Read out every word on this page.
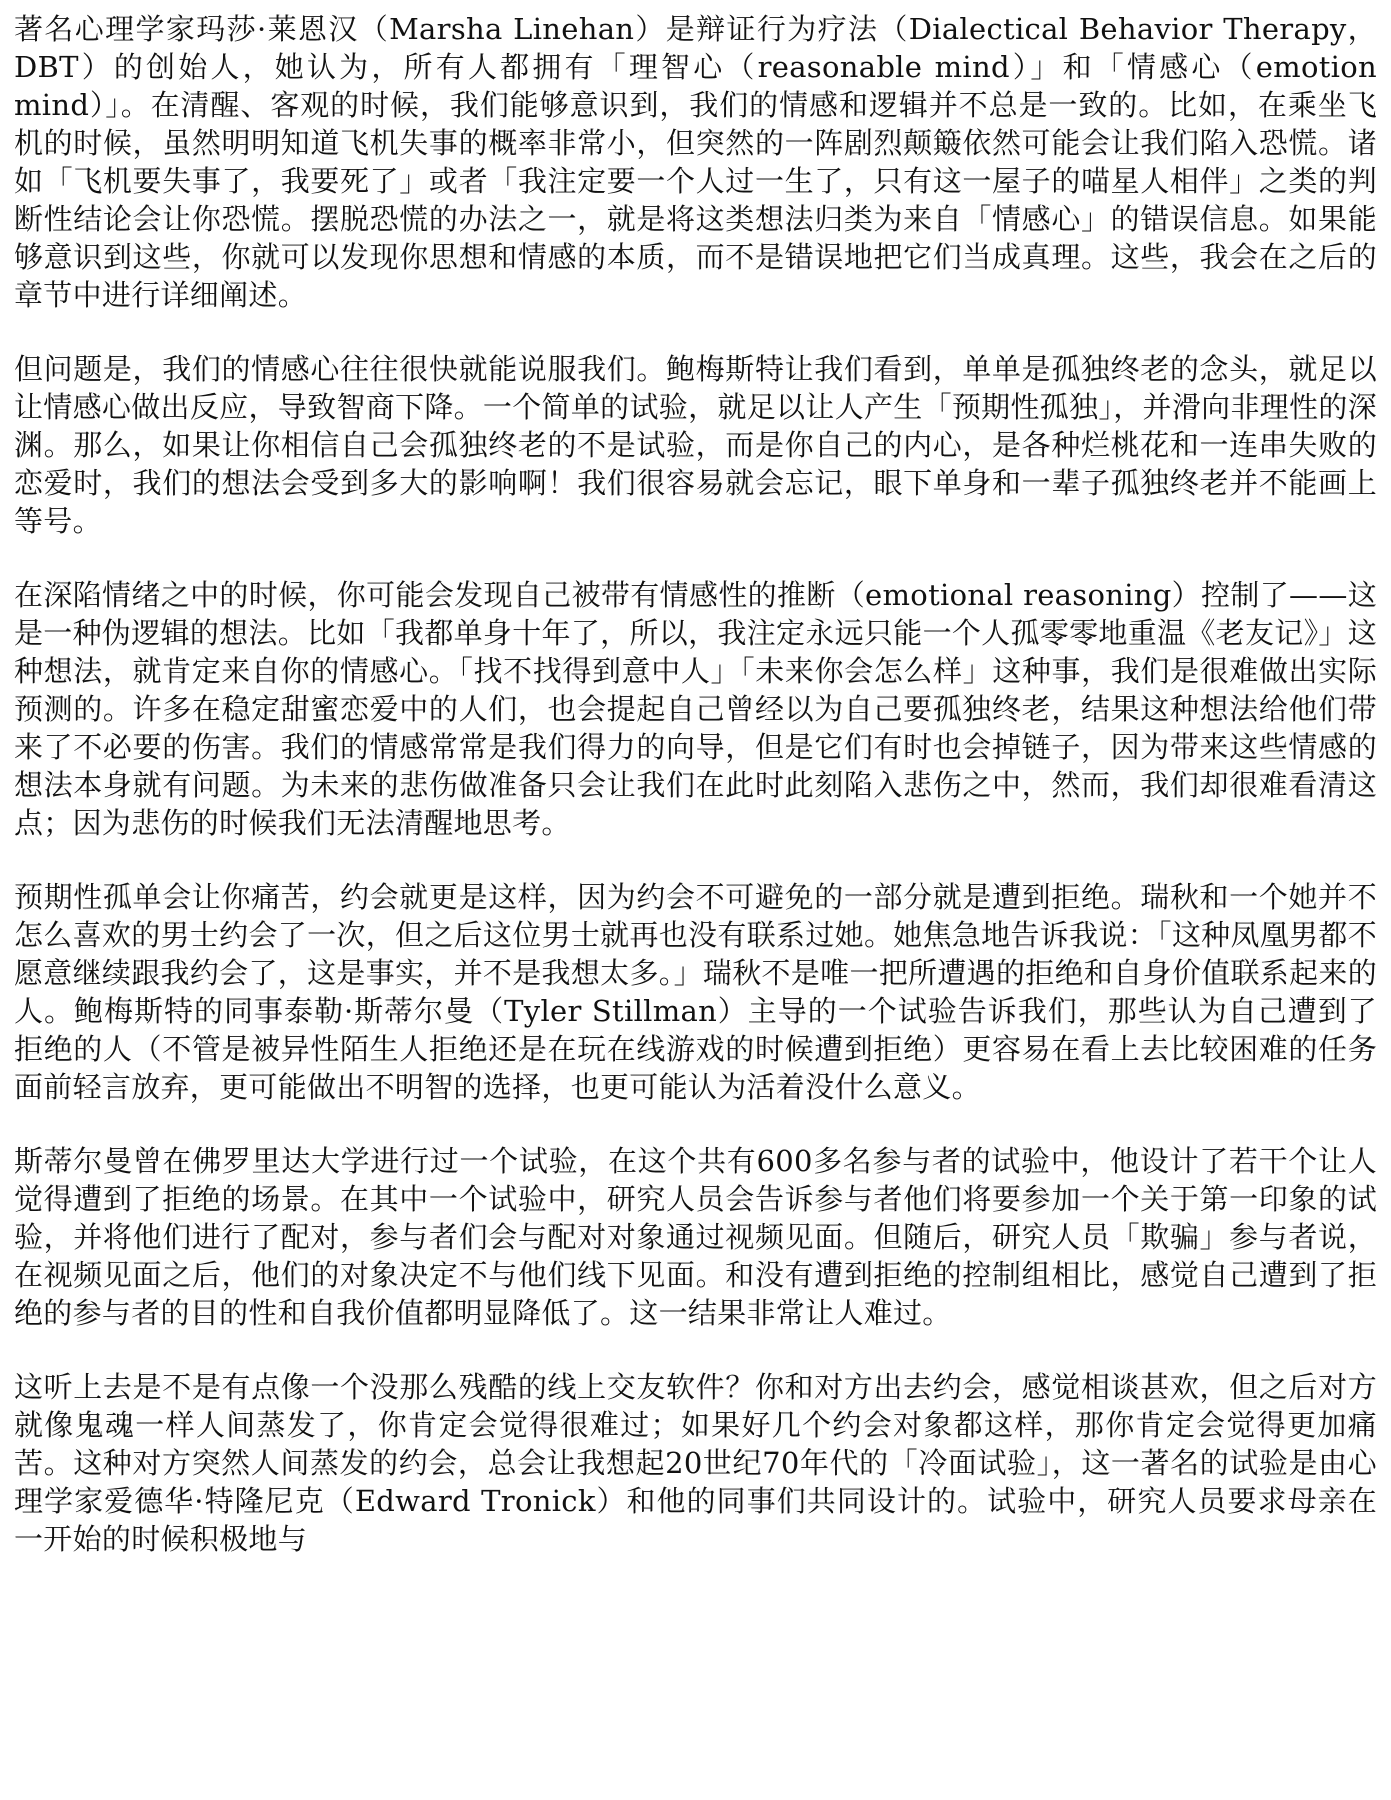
著名心理学家玛莎·莱恩汉（Marsha Linehan）是辩证行为疗法（Dialectical Behavior Therapy，DBT）的创始人，她认为，所有人都拥有「理智心（reasonable mind）」和「情感心（emotion mind）」。在清醒、客观的时候，我们能够意识到，我们的情感和逻辑并不总是一致的。比如，在乘坐飞机的时候，虽然明明知道飞机失事的概率非常小，但突然的一阵剧烈颠簸依然可能会让我们陷入恐慌。诸如「飞机要失事了，我要死了」或者「我注定要一个人过一生了，只有这一屋子的喵星人相伴」之类的判断性结论会让你恐慌。摆脱恐慌的办法之一，就是将这类想法归类为来自「情感心」的错误信息。如果能够意识到这些，你就可以发现你思想和情感的本质，而不是错误地把它们当成真理。这些，我会在之后的章节中进行详细阐述。

但问题是，我们的情感心往往很快就能说服我们。鲍梅斯特让我们看到，单单是孤独终老的念头，就足以让情感心做出反应，导致智商下降。一个简单的试验，就足以让人产生「预期性孤独」，并滑向非理性的深渊。那么，如果让你相信自己会孤独终老的不是试验，而是你自己的内心，是各种烂桃花和一连串失败的恋爱时，我们的想法会受到多大的影响啊！我们很容易就会忘记，眼下单身和一辈子孤独终老并不能画上等号。

在深陷情绪之中的时候，你可能会发现自己被带有情感性的推断（emotional reasoning）控制了——这是一种伪逻辑的想法。比如「我都单身十年了，所以，我注定永远只能一个人孤零零地重温《老友记》」这种想法，就肯定来自你的情感心。「找不找得到意中人」「未来你会怎么样」这种事，我们是很难做出实际预测的。许多在稳定甜蜜恋爱中的人们，也会提起自己曾经以为自己要孤独终老，结果这种想法给他们带来了不必要的伤害。我们的情感常常是我们得力的向导，但是它们有时也会掉链子，因为带来这些情感的想法本身就有问题。为未来的悲伤做准备只会让我们在此时此刻陷入悲伤之中，然而，我们却很难看清这点；因为悲伤的时候我们无法清醒地思考。

预期性孤单会让你痛苦，约会就更是这样，因为约会不可避免的一部分就是遭到拒绝。瑞秋和一个她并不怎么喜欢的男士约会了一次，但之后这位男士就再也没有联系过她。她焦急地告诉我说：「这种凤凰男都不愿意继续跟我约会了，这是事实，并不是我想太多。」瑞秋不是唯一把所遭遇的拒绝和自身价值联系起来的人。鲍梅斯特的同事泰勒·斯蒂尔曼（Tyler Stillman）主导的一个试验告诉我们，那些认为自己遭到了拒绝的人（不管是被异性陌生人拒绝还是在玩在线游戏的时候遭到拒绝）更容易在看上去比较困难的任务面前轻言放弃，更可能做出不明智的选择，也更可能认为活着没什么意义。

斯蒂尔曼曾在佛罗里达大学进行过一个试验，在这个共有600多名参与者的试验中，他设计了若干个让人觉得遭到了拒绝的场景。在其中一个试验中，研究人员会告诉参与者他们将要参加一个关于第一印象的试验，并将他们进行了配对，参与者们会与配对对象通过视频见面。但随后，研究人员「欺骗」参与者说，在视频见面之后，他们的对象决定不与他们线下见面。和没有遭到拒绝的控制组相比，感觉自己遭到了拒绝的参与者的目的性和自我价值都明显降低了。这一结果非常让人难过。

这听上去是不是有点像一个没那么残酷的线上交友软件？你和对方出去约会，感觉相谈甚欢，但之后对方就像鬼魂一样人间蒸发了，你肯定会觉得很难过；如果好几个约会对象都这样，那你肯定会觉得更加痛苦。这种对方突然人间蒸发的约会，总会让我想起20世纪70年代的「冷面试验」，这一著名的试验是由心理学家爱德华·特隆尼克（Edward Tronick）和他的同事们共同设计的。试验中，研究人员要求母亲在一开始的时候积极地与
